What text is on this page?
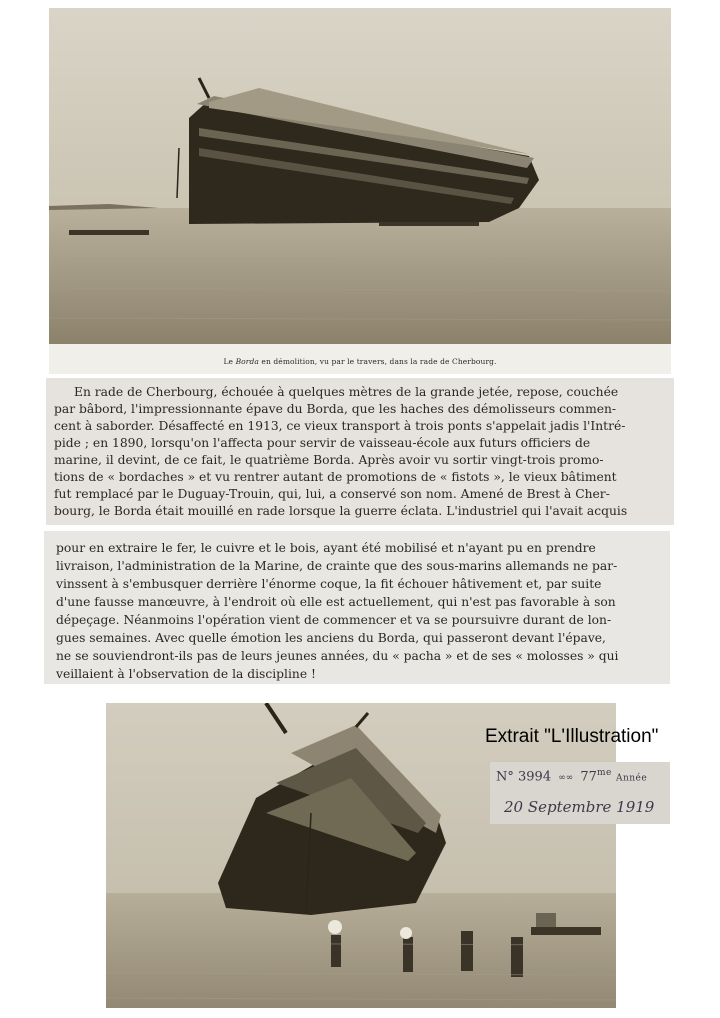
Le Borda en démolition, vu par le travers, dans la rade de Cherbourg.
En rade de Cherbourg, échouée à quelques mètres de la grande jetée, repose, couchée
par bâbord, l'impressionnante épave du Borda, que les haches des démolisseurs commen-
cent à saborder. Désaffecté en 1913, ce vieux transport à trois ponts s'appelait jadis l'Intré-
pide ; en 1890, lorsqu'on l'affecta pour servir de vaisseau-école aux futurs officiers de
marine, il devint, de ce fait, le quatrième Borda. Après avoir vu sortir vingt-trois promo-
tions de « bordaches » et vu rentrer autant de promotions de « fistots », le vieux bâtiment
fut remplacé par le Duguay-Trouin, qui, lui, a conservé son nom. Amené de Brest à Cher-
bourg, le Borda était mouillé en rade lorsque la guerre éclata. L'industriel qui l'avait acquis
pour en extraire le fer, le cuivre et le bois, ayant été mobilisé et n'ayant pu en prendre
livraison, l'administration de la Marine, de crainte que des sous-marins allemands ne par-
vinssent à s'embusquer derrière l'énorme coque, la fit échouer hâtivement et, par suite
d'une fausse manœuvre, à l'endroit où elle est actuellement, qui n'est pas favorable à son
dépeçage. Néanmoins l'opération vient de commencer et va se poursuivre durant de lon-
gues semaines. Avec quelle émotion les anciens du Borda, qui passeront devant l'épave,
ne se souviendront-ils pas de leurs jeunes années, du « pacha » et de ses « molosses » qui
veillaient à l'observation de la discipline !
Extrait "L'Illustration"
N° 3994 ∞∞ $77^{me}$ Année
20 Septembre 1919
